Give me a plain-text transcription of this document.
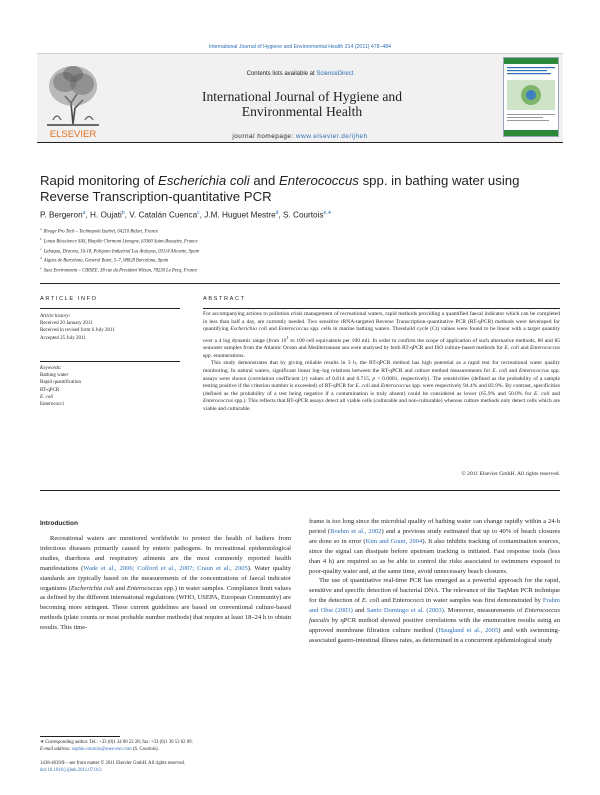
International Journal of Hygiene and Environmental Health 214 (2011) 478–484
ELSEVIER
Contents lists available at ScienceDirect
International Journal of Hygiene and Environmental Health
journal homepage: www.elsevier.de/ijheh
Rapid monitoring of Escherichia coli and Enterococcus spp. in bathing water using Reverse Transcription-quantitative PCR
P. Bergeron$^a$, H. Oujati$^b$, V. Catalán Cuenca$^c$, J.M. Huguet Mestre$^d$, S. Courtois$^{e,∗}$
$^a$Rivage Pro Tech – Technopole Izarbel, 64210 Bidart, France
$^b$Lonza Bioscience SAS, Biopôle Clermont Limagne, 63360 Saint-Beauzire, France
$^c$Labaqua, Dracma, 16-18, Polígono Industrial Las Atalayas, 03114 Alicante, Spain
$^d$Aigües de Barcelona, General Batet, 5–7, 08028 Barcelona, Spain
$^e$Suez Environment – CIRSEE, 38 rue du President Wilson, 78230 Le Pecq, France
ARTICLE INFO
Article history:
Received 20 January 2011
Received in revised form 6 July 2011
Accepted 25 July 2011
Keywords:
Bathing water
Rapid quantification
RT-qPCR
E. coli
Enterococci
ABSTRACT

For accompanying actions to pollution crisis management of recreational waters, rapid methods providing a quantified faecal indicator which can be completed in less than half a day, are currently needed. Two sensitive rRNA-targeted Reverse Transcription-quantitative PCR (RT-qPCR) methods were developed for quantifying Escherichia coli and Enterococcus spp. cells in marine bathing waters. Threshold cycle (Ct) values were found to be linear with a target quantity over a 4 log dynamic range (from $10^1$ to 100 cell equivalents per 100 ml). In order to confirm the scope of application of such alternative methods, 80 and 85 seawater samples from the Atlantic Ocean and Mediterranean sea were analysed by both RT-qPCR and ISO culture-based methods for E. coli and Enterococcus spp. enumerations.

This study demonstrates that by giving reliable results in 3 h, the RT-qPCR method has high potential as a rapid test for recreational water quality monitoring. In natural waters, significant linear log–log relations between the RT-qPCR and culture method measurements for E. coli and Enterococcus spp. assays were shown (correlation coefficient (r) values of 0.814 and 0.715, p < 0.0001, respectively). The sensitivities (defined as the probability of a sample testing positive if the criterion number is exceeded) of RT-qPCR for E. coli and Enterococcus spp. were respectively 94.4% and 83.9%. By contrast, specificities (defined as the probability of a test being negative if a contamination is truly absent) could be considered as lower (65.9% and 50.0% for E. coli and Enterococcus spp.). This reflects that RT-qPCR assays detect all viable cells (culturable and non-culturable) whereas culture methods only detect cells which are viable and culturable.

© 2011 Elsevier GmbH. All rights reserved.
Introduction

Recreational waters are monitored worldwide to protect the health of bathers from infectious diseases primarily caused by enteric pathogens. In recreational epidemiological studies, diarrhoea and respiratory ailments are the most commonly reported health manifestations (Wade et al., 2006; Colford et al., 2007; Craun et al., 2005). Water quality standards are typically based on the measurements of the concentrations of faecal indicator organisms (Escherichia coli and Enterococcus spp.) in water samples. Compliance limit values as defined by the different international regulations (WHO, USEPA, European Community) are becoming more stringent. These current guidelines are based on conventional culture-based methods (plate counts or most probable number methods) that require at least 18–24 h to obtain results. This time-

frame is too long since the microbial quality of bathing water can change rapidly within a 24-h period (Boehm et al., 2002) and a previous study estimated that up to 40% of beach closures are done so in error (Kim and Grant, 2004). It also inhibits tracking of contamination sources, since the signal can dissipate before upstream tracking is initiated. Fast response tools (less than 4 h) are required so as be able to control the risks associated to swimmers exposed to poor-quality water and, at the same time, avoid unnecessary beach closures.

The use of quantitative real-time PCR has emerged as a powerful approach for the rapid, sensitive and specific detection of bacterial DNA. The relevance of the TaqMan PCR technique for the detection of E. coli and Enterococci in water samples was first demonstrated by Frahm and Obst (2003) and Santo Domingo et al. (2003). Moreover, measurements of Enterococcus faecalis by qPCR method showed positive correlations with the enumeration results using an approved membrane filtration culture method (Haugland et al., 2005) and with swimming-associated gastro-intestinal illness rates, as determined in a concurrent epidemiological study

∗ Corresponding author. Tel.: +33 (0)1 34 80 22 28; fax: +33 (0)1 30 53 62 09.
E-mail address: sophie.courtois@suez-env.com (S. Courtois).
1438-4639/$ – see front matter © 2011 Elsevier GmbH. All rights reserved.
doi:10.1016/j.ijheh.2011.07.013
